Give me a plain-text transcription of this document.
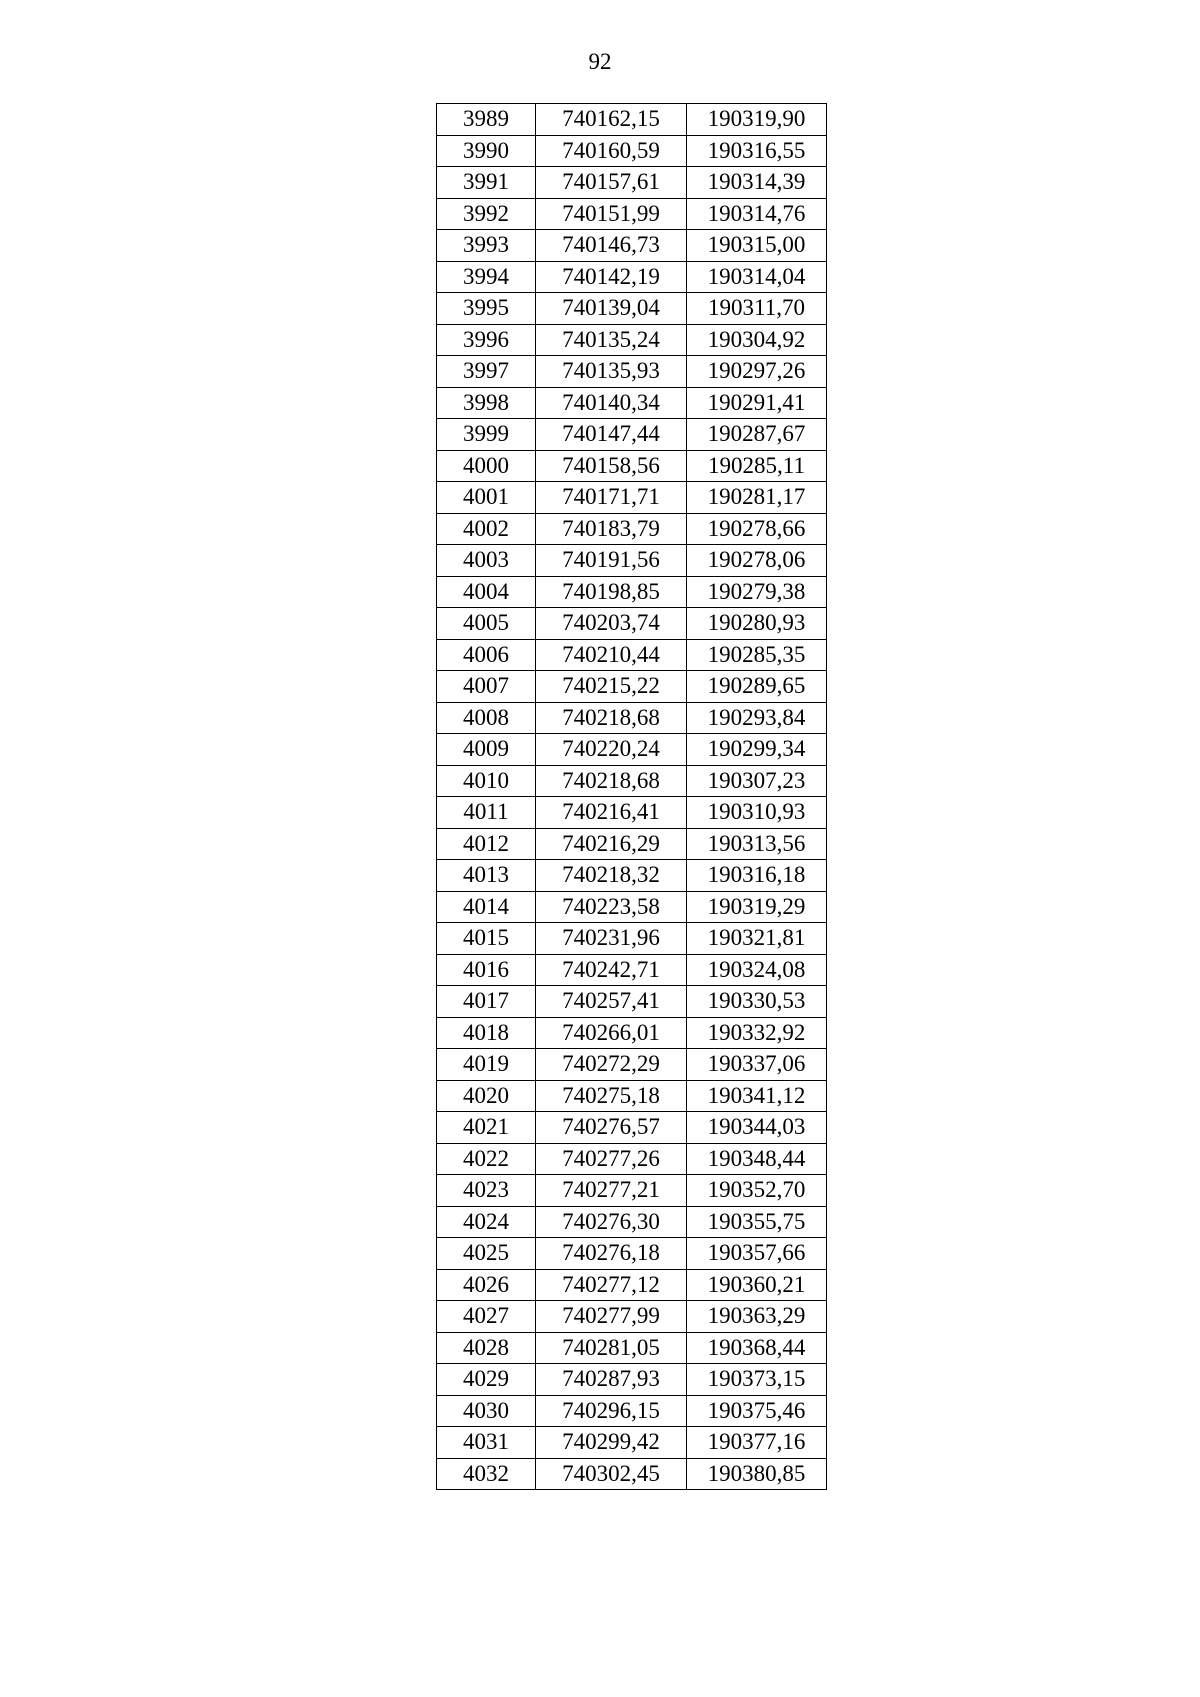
92
3989	740162,15	190319,90
3990	740160,59	190316,55
3991	740157,61	190314,39
3992	740151,99	190314,76
3993	740146,73	190315,00
3994	740142,19	190314,04
3995	740139,04	190311,70
3996	740135,24	190304,92
3997	740135,93	190297,26
3998	740140,34	190291,41
3999	740147,44	190287,67
4000	740158,56	190285,11
4001	740171,71	190281,17
4002	740183,79	190278,66
4003	740191,56	190278,06
4004	740198,85	190279,38
4005	740203,74	190280,93
4006	740210,44	190285,35
4007	740215,22	190289,65
4008	740218,68	190293,84
4009	740220,24	190299,34
4010	740218,68	190307,23
4011	740216,41	190310,93
4012	740216,29	190313,56
4013	740218,32	190316,18
4014	740223,58	190319,29
4015	740231,96	190321,81
4016	740242,71	190324,08
4017	740257,41	190330,53
4018	740266,01	190332,92
4019	740272,29	190337,06
4020	740275,18	190341,12
4021	740276,57	190344,03
4022	740277,26	190348,44
4023	740277,21	190352,70
4024	740276,30	190355,75
4025	740276,18	190357,66
4026	740277,12	190360,21
4027	740277,99	190363,29
4028	740281,05	190368,44
4029	740287,93	190373,15
4030	740296,15	190375,46
4031	740299,42	190377,16
4032	740302,45	190380,85
